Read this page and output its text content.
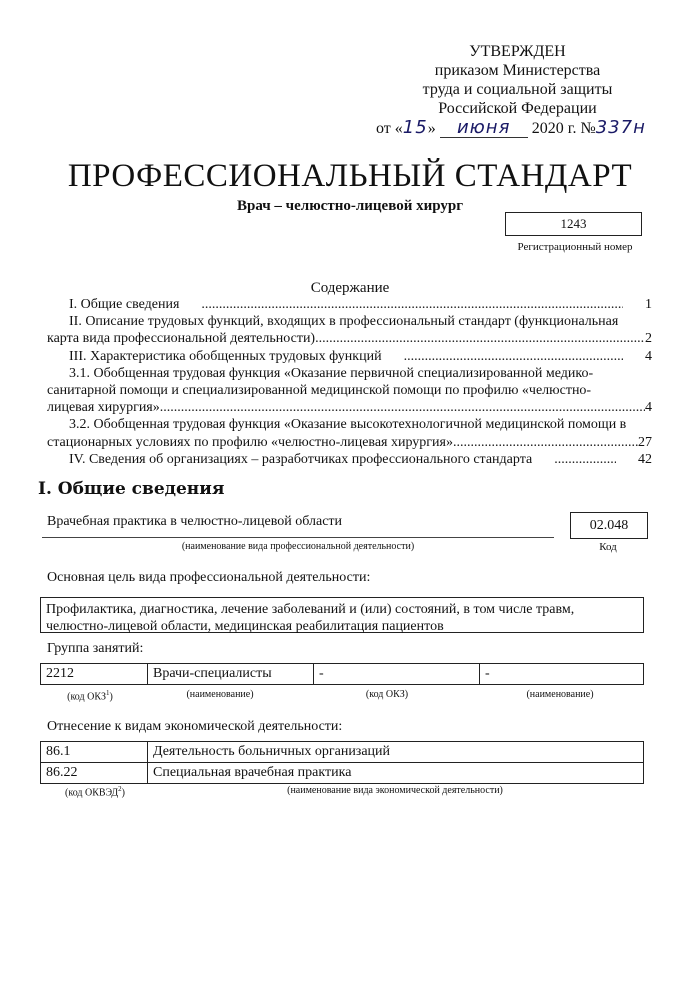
УТВЕРЖДЕН
приказом Министерства
труда и социальной защиты
Российской Федерации
от «15» июня 2020 г. №337н
ПРОФЕССИОНАЛЬНЫЙ СТАНДАРТ
Врач – челюстно-лицевой хирург
1243
Регистрационный номер
Содержание
I. Общие сведения .....	1
II. Описание трудовых функций, входящих в профессиональный стандарт (функциональная
карта вида профессиональной деятельности) .....	2
III. Характеристика обобщенных трудовых функций .....	4
3.1. Обобщенная трудовая функция «Оказание первичной специализированной медико-
санитарной помощи и специализированной медицинской помощи по профилю «челюстно-
лицевая хирургия» .....	4
3.2. Обобщенная трудовая функция «Оказание высокотехнологичной медицинской помощи в
стационарных условиях по профилю «челюстно-лицевая хирургия» .....	27
IV. Сведения об организациях – разработчиках профессионального стандарта .....	42
I. Общие сведения
Врачебная практика в челюстно-лицевой области	02.048
(наименование вида профессиональной деятельности)	Код
Основная цель вида профессиональной деятельности:
Профилактика, диагностика, лечение заболеваний и (или) состояний, в том числе травм,
челюстно-лицевой области, медицинская реабилитация пациентов
Группа занятий:
2212	Врачи-специалисты	-	-
(код ОКЗ$^1$)	(наименование)	(код ОКЗ)	(наименование)
Отнесение к видам экономической деятельности:
86.1	Деятельность больничных организаций
86.22	Специальная врачебная практика
(код ОКВЭД$^2$)	(наименование вида экономической деятельности)
